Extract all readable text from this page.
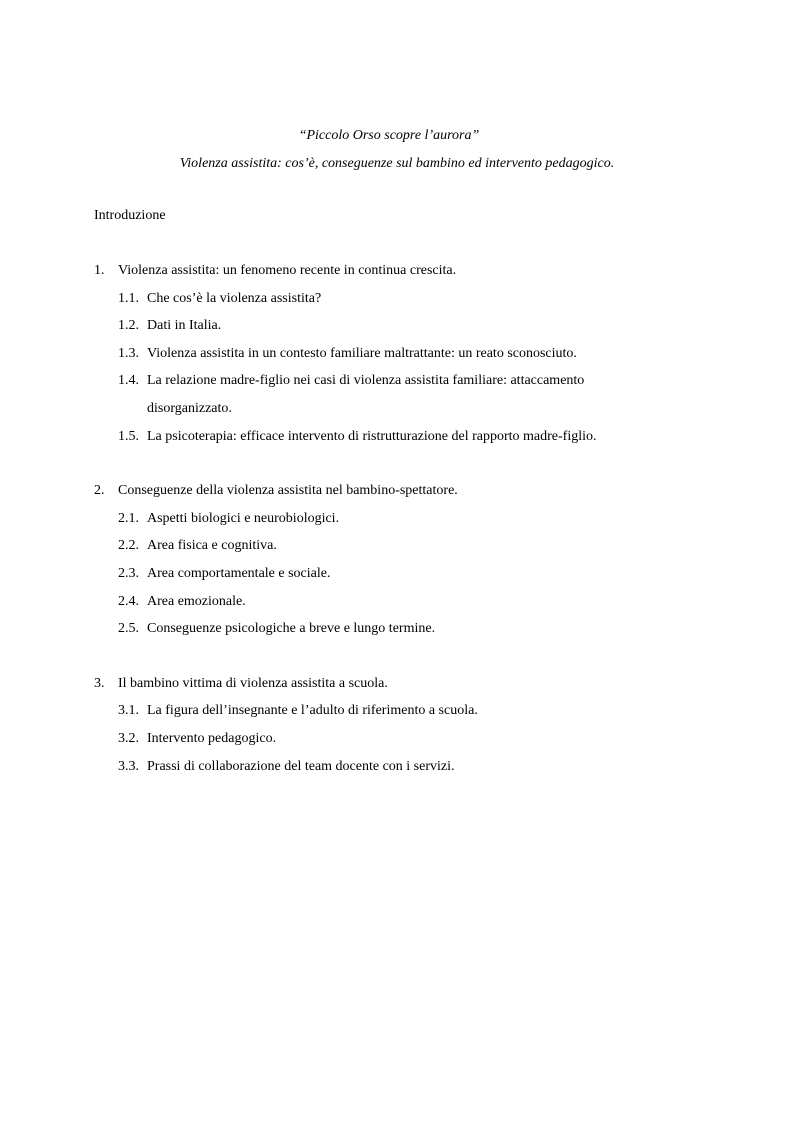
“Piccolo Orso scopre l’aurora”

Violenza assistita: cos’è, conseguenze sul bambino ed intervento pedagogico.

Introduzione
1. Violenza assistita: un fenomeno recente in continua crescita.
1.1. Che cos’è la violenza assistita?
1.2. Dati in Italia.
1.3. Violenza assistita in un contesto familiare maltrattante: un reato sconosciuto.
1.4. La relazione madre-figlio nei casi di violenza assistita familiare: attaccamento disorganizzato.
1.5. La psicoterapia: efficace intervento di ristrutturazione del rapporto madre-figlio.
2. Conseguenze della violenza assistita nel bambino-spettatore.
2.1. Aspetti biologici e neurobiologici.
2.2. Area fisica e cognitiva.
2.3. Area comportamentale e sociale.
2.4. Area emozionale.
2.5. Conseguenze psicologiche a breve e lungo termine.
3. Il bambino vittima di violenza assistita a scuola.
3.1. La figura dell’insegnante e l’adulto di riferimento a scuola.
3.2. Intervento pedagogico.
3.3. Prassi di collaborazione del team docente con i servizi.
